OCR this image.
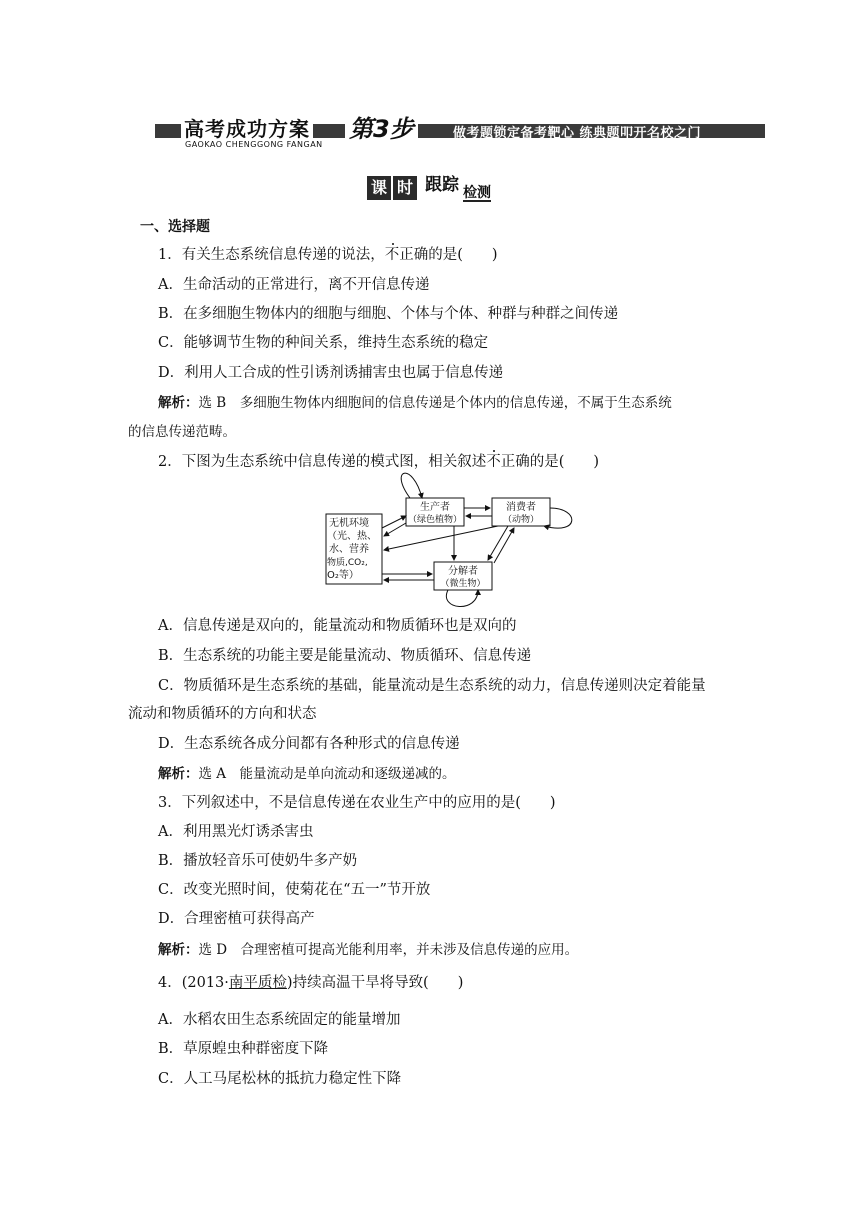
高考成功方案
GAOKAO CHENGGONG FANGAN
第3步	做考题锁定备考靶心 练典题叩开名校之门
课 时 跟踪 检测
一、选择题
1．有关生态系统信息传递的说法，不正确的是(　　)
A．生命活动的正常进行，离不开信息传递
B．在多细胞生物体内的细胞与细胞、个体与个体、种群与种群之间传递
C．能够调节生物的种间关系，维持生态系统的稳定
D．利用人工合成的性引诱剂诱捕害虫也属于信息传递
解析：选 B　多细胞生物体内细胞间的信息传递是个体内的信息传递，不属于生态系统
的信息传递范畴。
2．下图为生态系统中信息传递的模式图，相关叙述不正确的是(　　)
无机环境
（光、热、
水、营养
物质,CO₂,
O₂等）
生产者
（绿色植物）
消费者
（动物）
分解者
（微生物）
A．信息传递是双向的，能量流动和物质循环也是双向的
B．生态系统的功能主要是能量流动、物质循环、信息传递
C．物质循环是生态系统的基础，能量流动是生态系统的动力，信息传递则决定着能量
流动和物质循环的方向和状态
D．生态系统各成分间都有各种形式的信息传递
解析：选 A　能量流动是单向流动和逐级递减的。
3．下列叙述中，不是信息传递在农业生产中的应用的是(　　)
A．利用黑光灯诱杀害虫
B．播放轻音乐可使奶牛多产奶
C．改变光照时间，使菊花在“五一”节开放
D．合理密植可获得高产
解析：选 D　合理密植可提高光能利用率，并未涉及信息传递的应用。
4．(2013·南平质检)持续高温干旱将导致(　　)
A．水稻农田生态系统固定的能量增加
B．草原蝗虫种群密度下降
C．人工马尾松林的抵抗力稳定性下降
